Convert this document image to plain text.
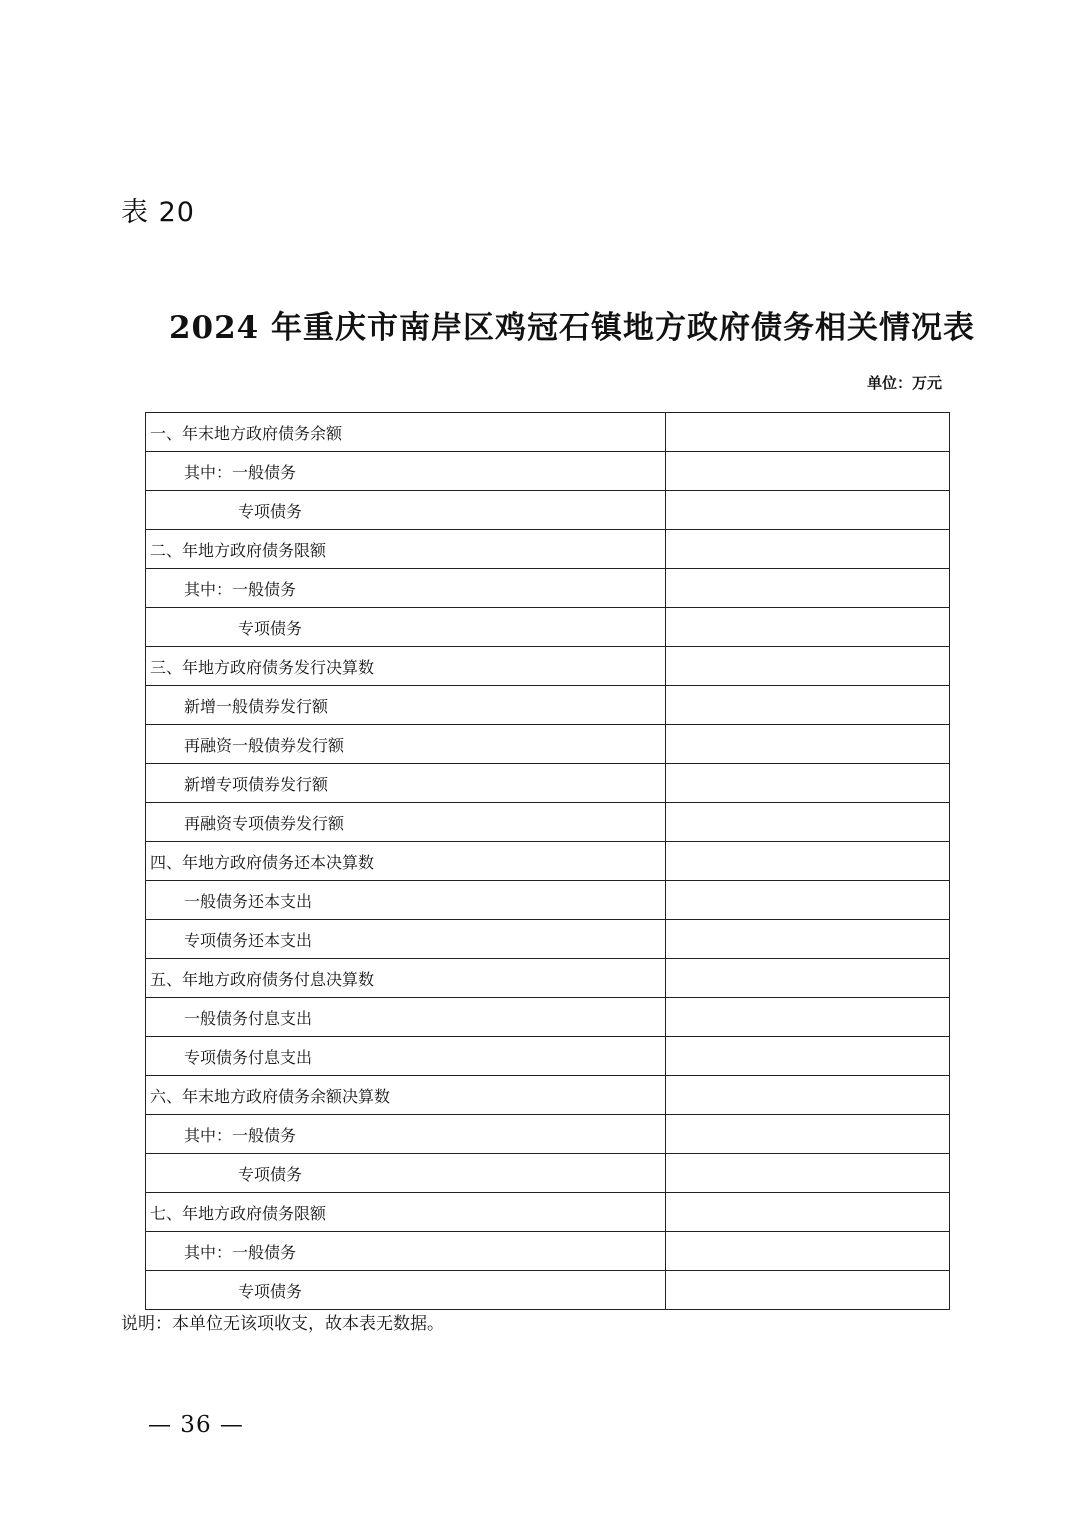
表 20
2024 年重庆市南岸区鸡冠石镇地方政府债务相关情况表
单位：万元
一、年末地方政府债务余额	
其中：一般债务	
专项债务	
二、年地方政府债务限额	
其中：一般债务	
专项债务	
三、年地方政府债务发行决算数	
新增一般债券发行额	
再融资一般债券发行额	
新增专项债券发行额	
再融资专项债券发行额	
四、年地方政府债务还本决算数	
一般债务还本支出	
专项债务还本支出	
五、年地方政府债务付息决算数	
一般债务付息支出	
专项债务付息支出	
六、年末地方政府债务余额决算数	
其中：一般债务	
专项债务	
七、年地方政府债务限额	
其中：一般债务	
专项债务	
说明：本单位无该项收支，故本表无数据。
— 36 —
